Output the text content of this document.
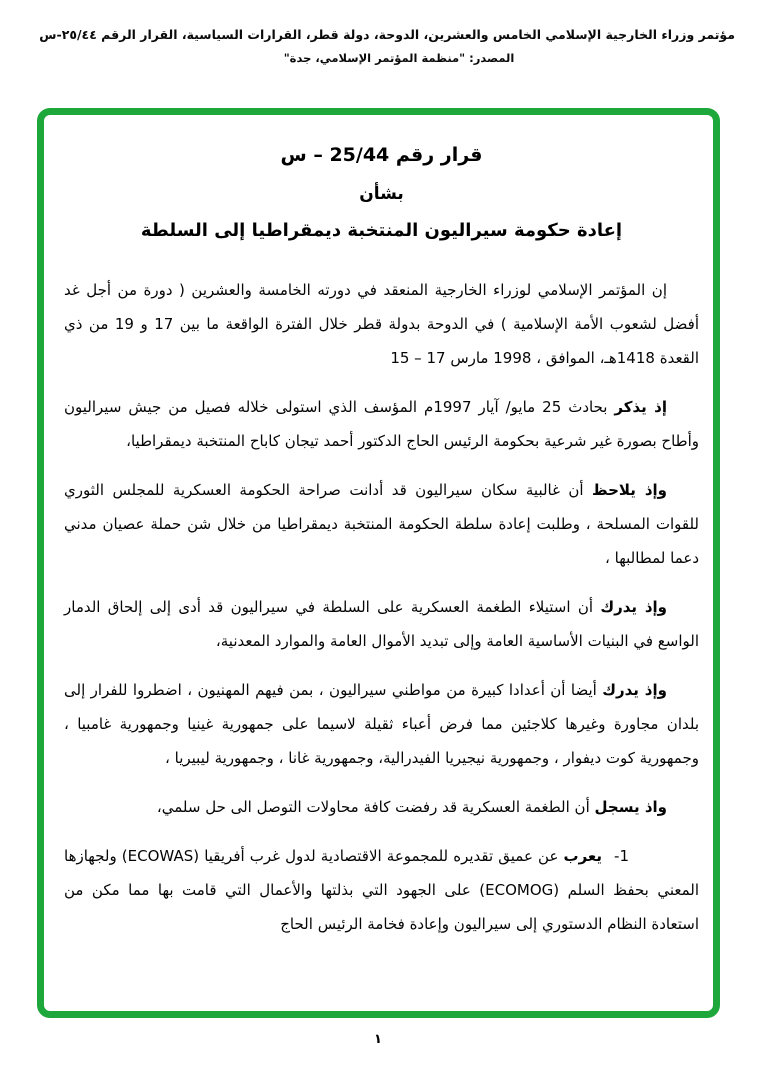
مؤتمر وزراء الخارجية الإسلامي الخامس والعشرين، الدوحة، دولة قطر، القرارات السياسية، القرار الرقم ٢٥/٤٤-س
المصدر: "منظمة المؤتمر الإسلامي، جدة"
قرار رقم 25/44 – س
بشأن
إعادة حكومة سيراليون المنتخبة ديمقراطيا إلى السلطة

إن المؤتمر الإسلامي لوزراء الخارجية المنعقد في دورته الخامسة والعشرين ( دورة من أجل غد أفضل لشعوب الأمة الإسلامية ) في الدوحة بدولة قطر خلال الفترة الواقعة ما بين 17 و 19 من ذي القعدة 1418هـ، الموافق 15 – 17 مارس 1998 ،

إذ يذكر بحادث 25 مايو/ آيار 1997م المؤسف الذي استولى خلاله فصيل من جيش سيراليون وأطاح بصورة غير شرعية بحكومة الرئيس الحاج الدكتور أحمد تيجان كاباح المنتخبة ديمقراطيا،

وإذ يلاحظ أن غالبية سكان سيراليون قد أدانت صراحة الحكومة العسكرية للمجلس الثوري للقوات المسلحة ، وطلبت إعادة سلطة الحكومة المنتخبة ديمقراطيا من خلال شن حملة عصيان مدني دعما لمطالبها ،

وإذ يدرك أن استيلاء الطغمة العسكرية على السلطة في سيراليون قد أدى إلى إلحاق الدمار الواسع في البنيات الأساسية العامة وإلى تبديد الأموال العامة والموارد المعدنية،

وإذ يدرك أيضا أن أعدادا كبيرة من مواطني سيراليون ، بمن فيهم المهنيون ، اضطروا للفرار إلى بلدان مجاورة وغيرها كلاجئين مما فرض أعباء ثقيلة لاسيما على جمهورية غينيا وجمهورية غامبيا ، وجمهورية كوت ديفوار ، وجمهورية نيجيريا الفيدرالية، وجمهورية غانا ، وجمهورية ليبيريا ،

واذ يسجل أن الطغمة العسكرية قد رفضت كافة محاولات التوصل الى حل سلمي،

1-يعرب عن عميق تقديره للمجموعة الاقتصادية لدول غرب أفريقيا (ECOWAS) ولجهازها المعني بحفظ السلم (ECOMOG) على الجهود التي بذلتها والأعمال التي قامت بها مما مكن من استعادة النظام الدستوري إلى سيراليون وإعادة فخامة الرئيس الحاج

١
